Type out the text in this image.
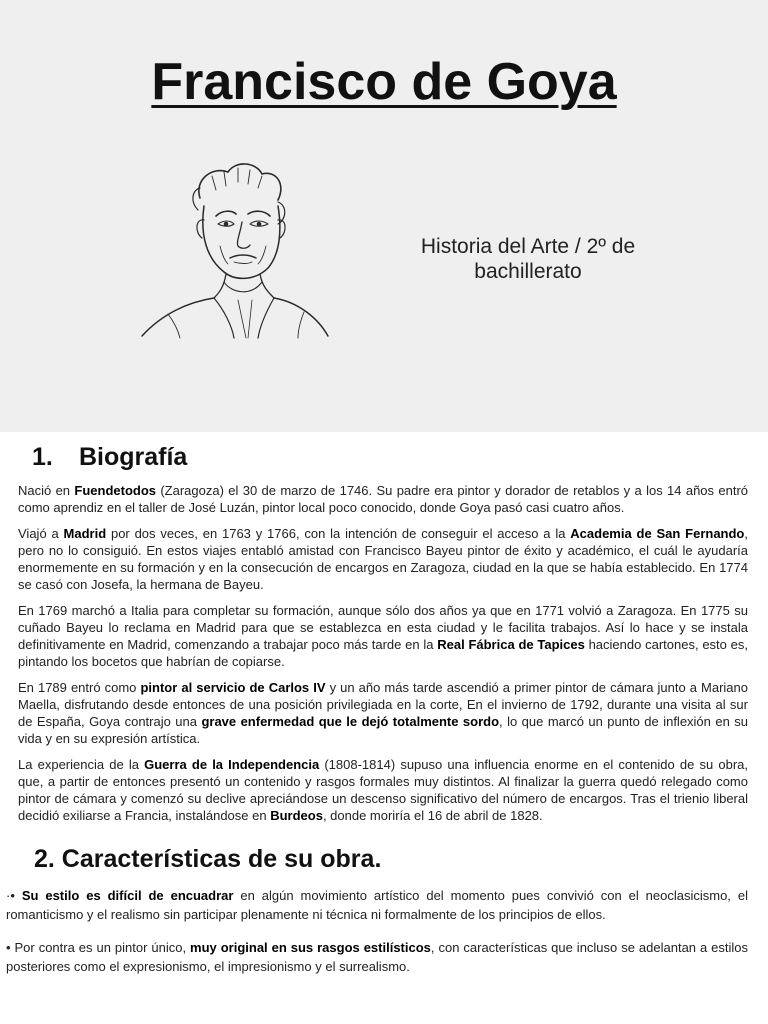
Francisco de Goya

Historia del Arte / 2º de
bachillerato

1. Biografía

Nació en Fuendetodos (Zaragoza) el 30 de marzo de 1746. Su padre era pintor y dorador de retablos y a los 14 años entró como aprendiz en el taller de José Luzán, pintor local poco conocido, donde Goya pasó casi cuatro años.

Viajó a Madrid por dos veces, en 1763 y 1766, con la intención de conseguir el acceso a la Academia de San Fernando, pero no lo consiguió. En estos viajes entabló amistad con Francisco Bayeu pintor de éxito y académico, el cuál le ayudaría enormemente en su formación y en la consecución de encargos en Zaragoza, ciudad en la que se había establecido. En 1774 se casó con Josefa, la hermana de Bayeu.

En 1769 marchó a Italia para completar su formación, aunque sólo dos años ya que en 1771 volvió a Zaragoza. En 1775 su cuñado Bayeu lo reclama en Madrid para que se establezca en esta ciudad y le facilita trabajos. Así lo hace y se instala definitivamente en Madrid, comenzando a trabajar poco más tarde en la Real Fábrica de Tapices haciendo cartones, esto es, pintando los bocetos que habrían de copiarse.

En 1789 entró como pintor al servicio de Carlos IV y un año más tarde ascendió a primer pintor de cámara junto a Mariano Maella, disfrutando desde entonces de una posición privilegiada en la corte, En el invierno de 1792, durante una visita al sur de España, Goya contrajo una grave enfermedad que le dejó totalmente sordo, lo que marcó un punto de inflexión en su vida y en su expresión artística.

La experiencia de la Guerra de la Independencia (1808-1814) supuso una influencia enorme en el contenido de su obra, que, a partir de entonces presentó un contenido y rasgos formales muy distintos. Al finalizar la guerra quedó relegado como pintor de cámara y comenzó su declive apreciándose un descenso significativo del número de encargos. Tras el trienio liberal decidió exiliarse a Francia, instalándose en Burdeos, donde moriría el 16 de abril de 1828.

2. Características de su obra.

·• Su estilo es difícil de encuadrar en algún movimiento artístico del momento pues convivió con el neoclasicismo, el romanticismo y el realismo sin participar plenamente ni técnica ni formalmente de los principios de ellos.

• Por contra es un pintor único, muy original en sus rasgos estilísticos, con características que incluso se adelantan a estilos posteriores como el expresionismo, el impresionismo y el surrealismo.
